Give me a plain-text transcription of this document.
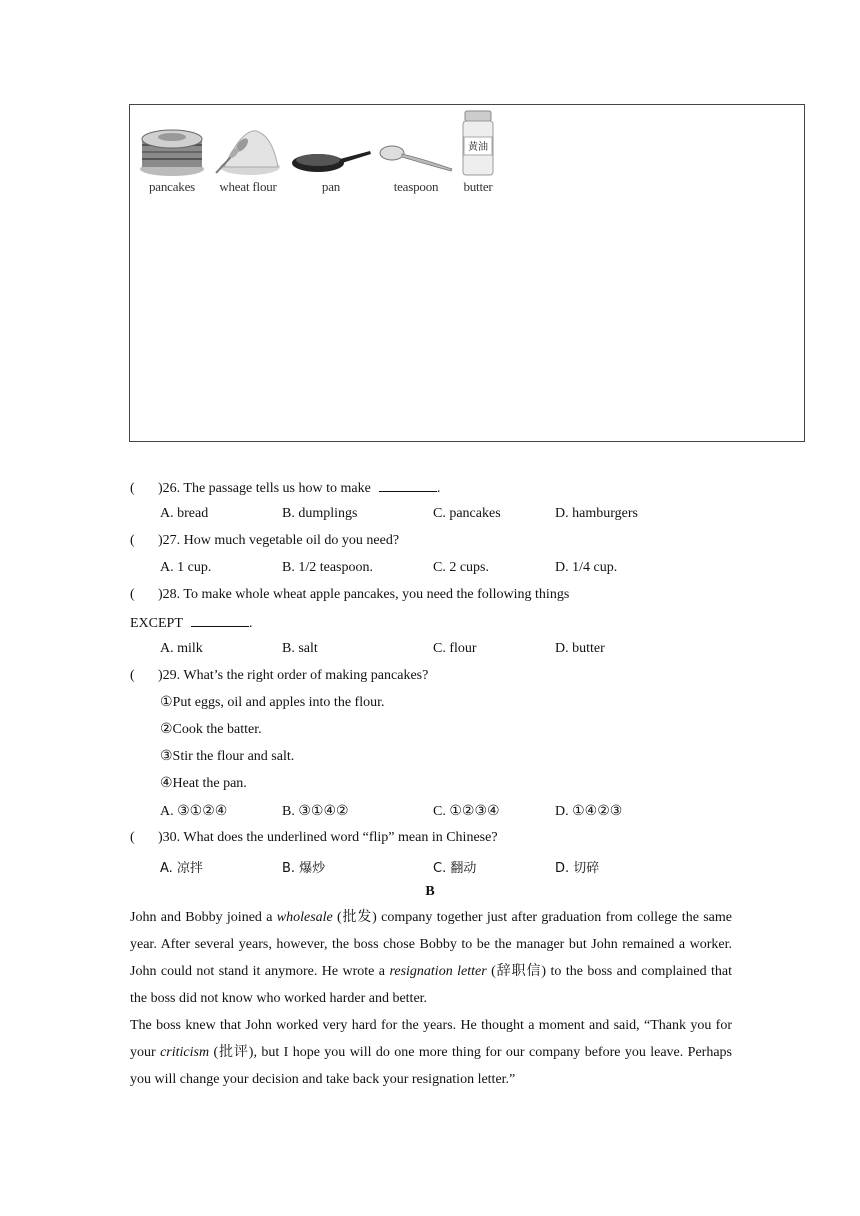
pancakes wheat flour	pan	teaspoon
黄油
butter
( )26. The passage tells us how to make	.
A. bread	B. dumplings	C. pancakes	D. hamburgers
( )27. How much vegetable oil do you need?
A. 1 cup.	B. 1/2 teaspoon.	C. 2 cups.	D. 1/4 cup.
( )28. To make whole wheat apple pancakes, you need the following things
EXCEPT	.
A. milk	B. salt	C. flour	D. butter
( )29. What’s the right order of making pancakes?
①Put eggs, oil and apples into the flour.
②Cook the batter.
③Stir the flour and salt.
④Heat the pan.
A. ③①②④	B. ③①④②	C. ①②③④	D. ①④②③
( )30. What does the underlined word “flip” mean in Chinese?
A. 凉拌	B. 爆炒	C. 翻动	D. 切碎
B
John and Bobby joined a wholesale (批发) company together just after graduation from college the same year. After several years, however, the boss chose Bobby to be the manager but John remained a worker. John could not stand it anymore. He wrote a resignation letter (辞职信) to the boss and complained that the boss did not know who worked harder and better.
The boss knew that John worked very hard for the years. He thought a moment and said, “Thank you for your criticism (批评), but I hope you will do one more thing for our company before you leave. Perhaps you will change your decision and take back your resignation letter.”
